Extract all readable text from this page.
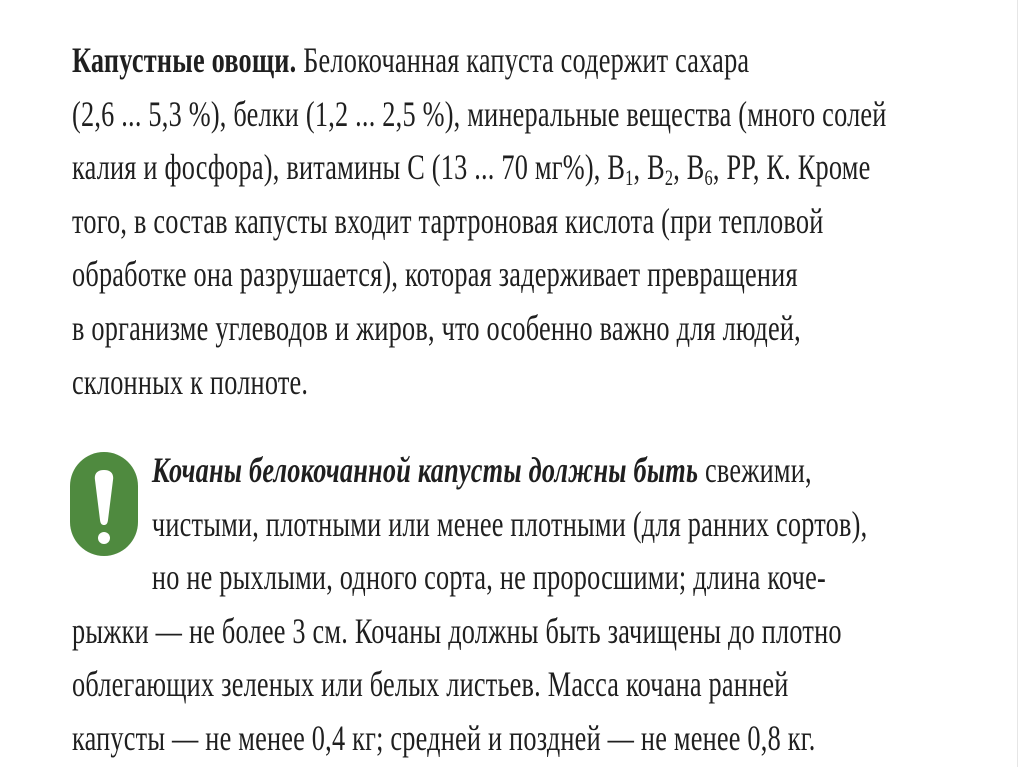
Капустные овощи. Белокочанная капуста содержит сахара
(2,6 ... 5,3 %), белки (1,2 ... 2,5 %), минеральные вещества (много солей
калия и фосфора), витамины С (13 ... 70 мг%), $В_1$, $В_2$, $В_6$, РР, К. Кроме
того, в состав капусты входит тартроновая кислота (при тепловой
обработке она разрушается), которая задерживает превращения
в организме углеводов и жиров, что особенно важно для людей,
склонных к полноте.
Кочаны белокочанной капусты должны быть свежими,
чистыми, плотными или менее плотными (для ранних сортов),
но не рыхлыми, одного сорта, не проросшими; длина коче-
рыжки — не более 3 см. Кочаны должны быть зачищены до плотно
облегающих зеленых или белых листьев. Масса кочана ранней
капусты — не менее 0,4 кг; средней и поздней — не менее 0,8 кг.
